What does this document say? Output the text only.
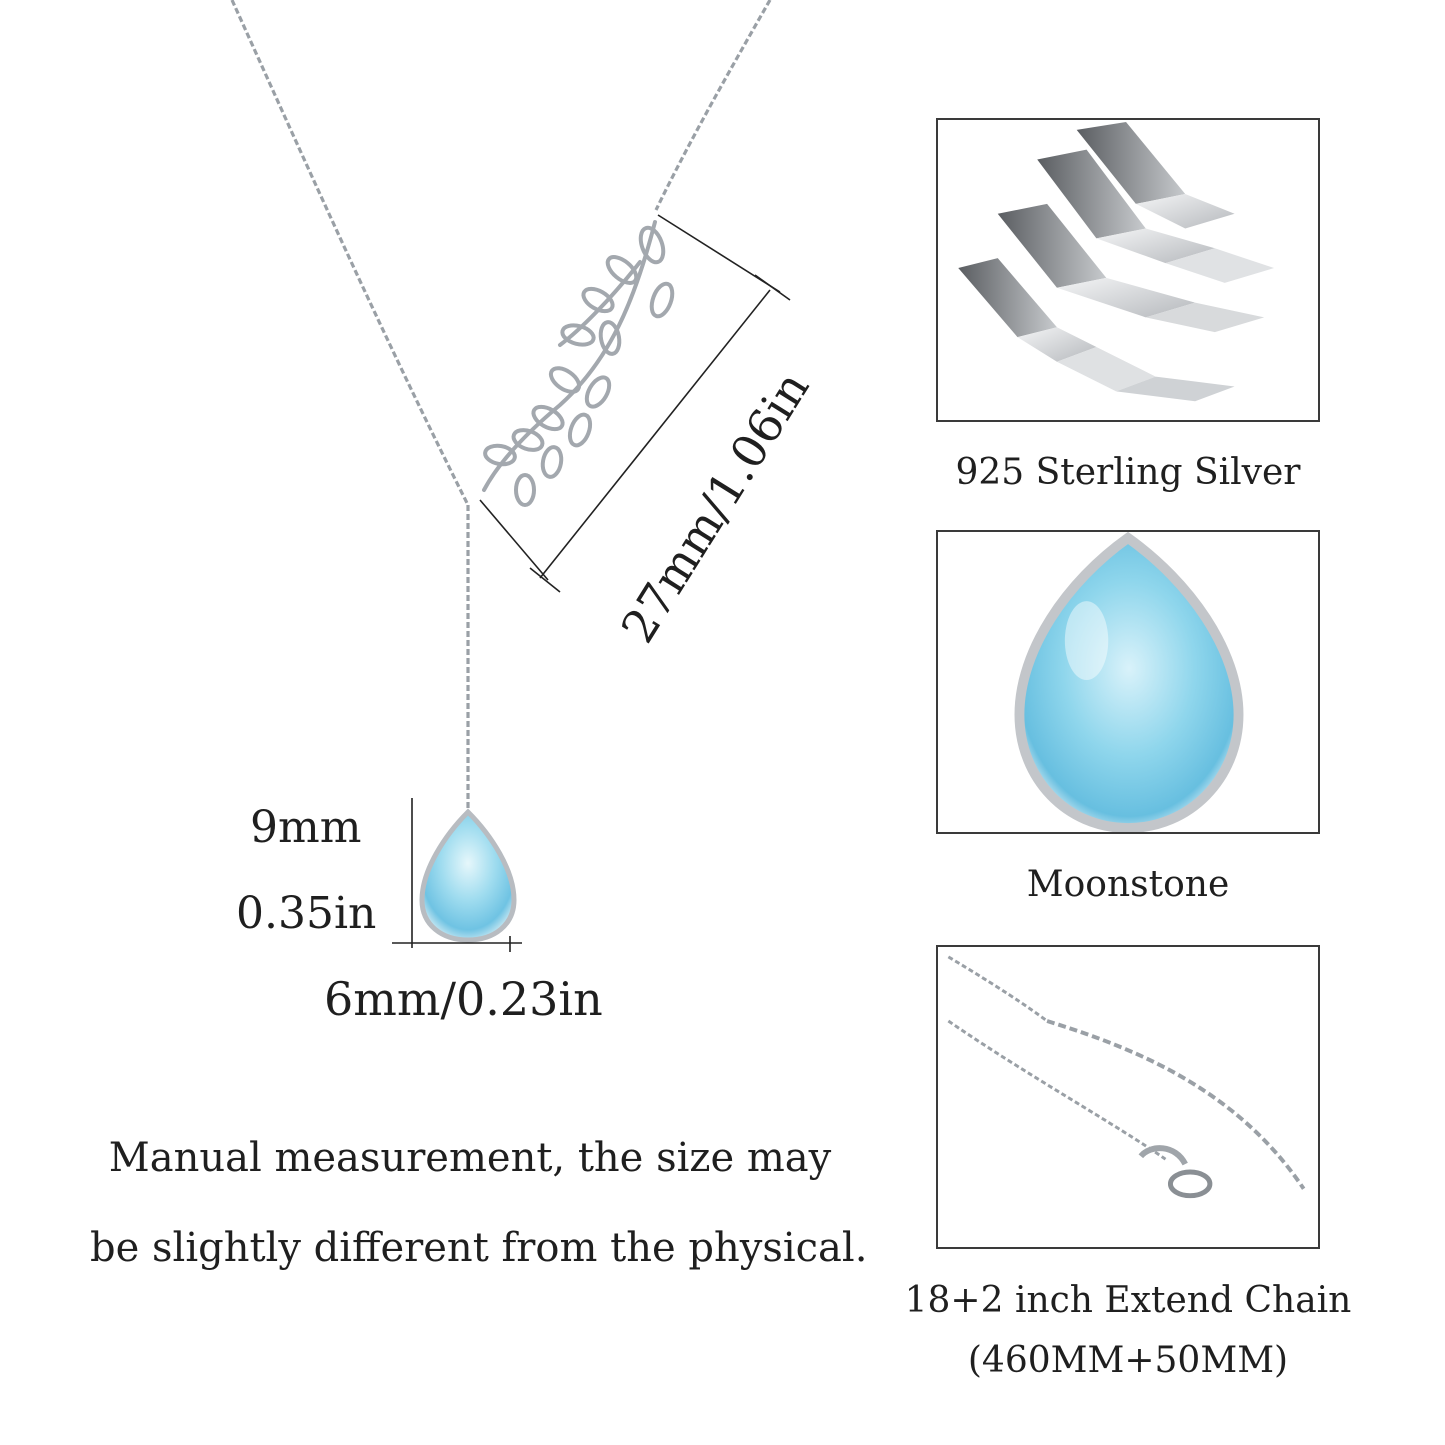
9mm
0.35in
6mm/0.23in
27mm/1.06in
Manual measurement, the size may
be slightly different from the physical.
925 Sterling Silver
Moonstone
18+2 inch Extend Chain
(460MM+50MM)
